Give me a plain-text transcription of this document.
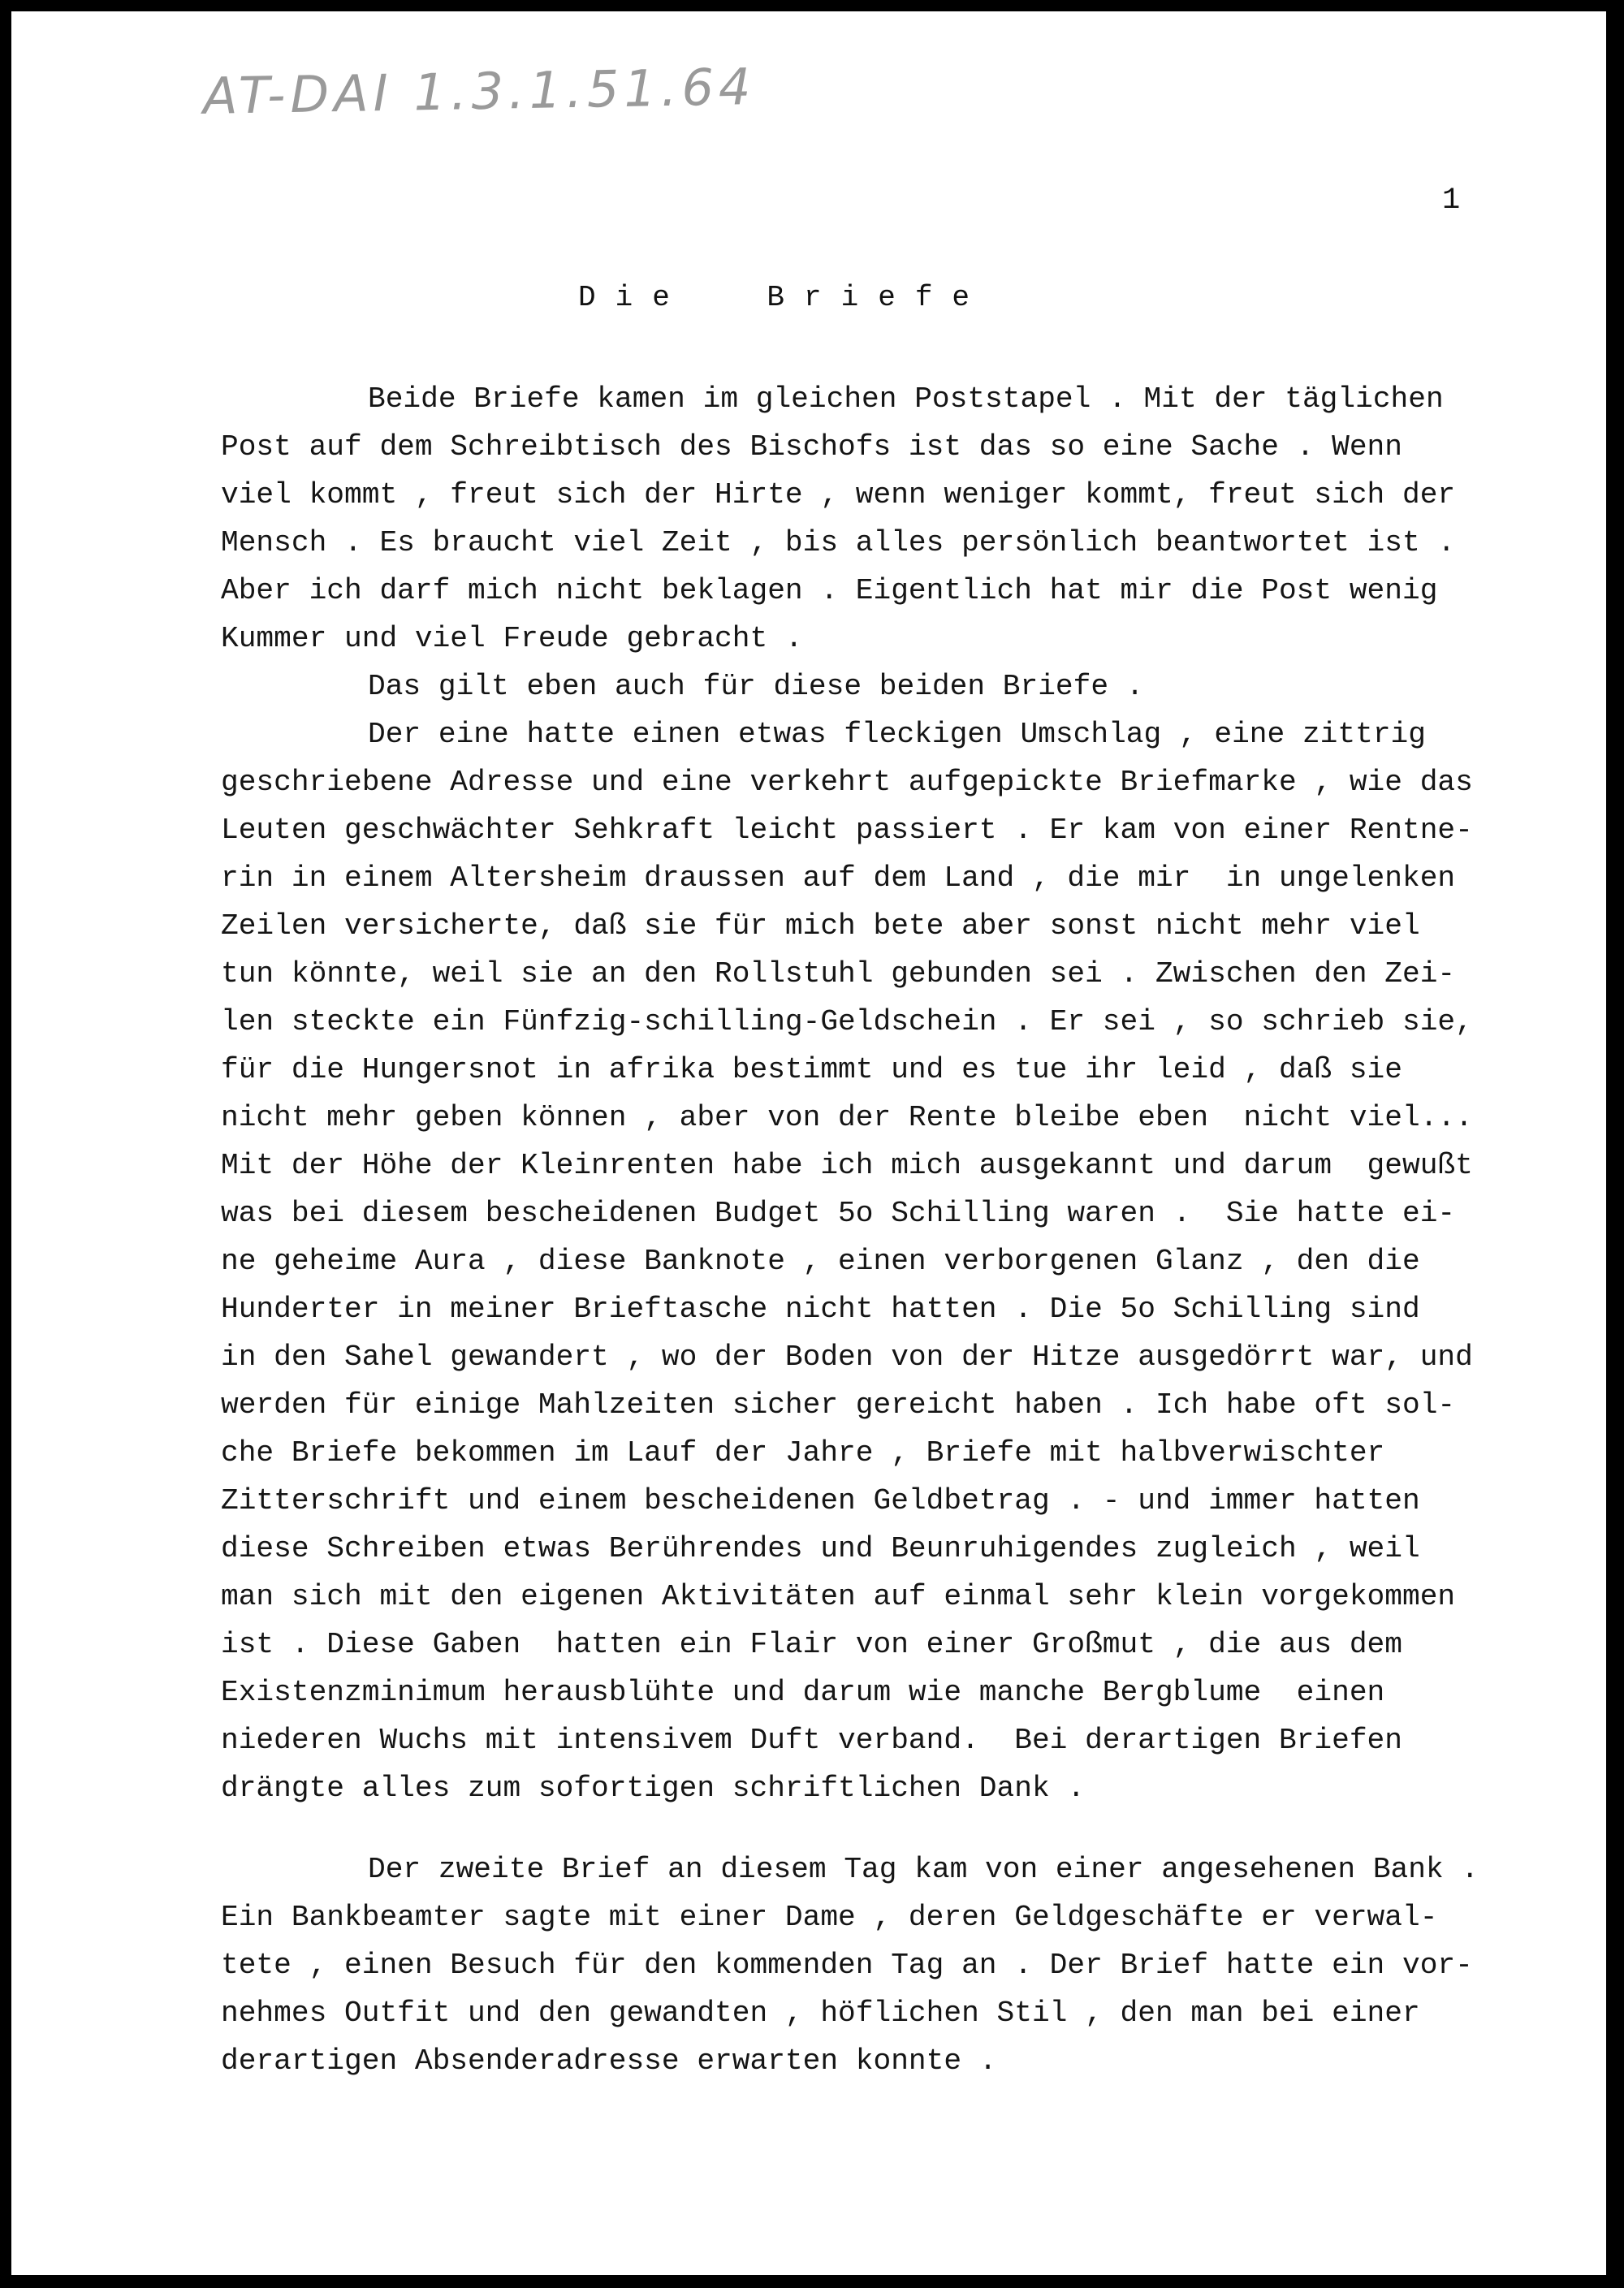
AT-DAI 1.3.1.51.64
1
Die Briefe
Beide Briefe kamen im gleichen Poststapel . Mit der täglichen
Post auf dem Schreibtisch des Bischofs ist das so eine Sache . Wenn
viel kommt , freut sich der Hirte , wenn weniger kommt, freut sich der
Mensch . Es braucht viel Zeit , bis alles persönlich beantwortet ist .
Aber ich darf mich nicht beklagen . Eigentlich hat mir die Post wenig
Kummer und viel Freude gebracht .
Das gilt eben auch für diese beiden Briefe .
Der eine hatte einen etwas fleckigen Umschlag , eine zittrig
geschriebene Adresse und eine verkehrt aufgepickte Briefmarke , wie das
Leuten geschwächter Sehkraft leicht passiert . Er kam von einer Rentne-
rin in einem Altersheim draussen auf dem Land , die mir  in ungelenken
Zeilen versicherte, daß sie für mich bete aber sonst nicht mehr viel
tun könnte, weil sie an den Rollstuhl gebunden sei . Zwischen den Zei-
len steckte ein Fünfzig-schilling-Geldschein . Er sei , so schrieb sie,
für die Hungersnot in afrika bestimmt und es tue ihr leid , daß sie
nicht mehr geben können , aber von der Rente bleibe eben  nicht viel...
Mit der Höhe der Kleinrenten habe ich mich ausgekannt und darum  gewußt
was bei diesem bescheidenen Budget 5o Schilling waren .  Sie hatte ei-
ne geheime Aura , diese Banknote , einen verborgenen Glanz , den die
Hunderter in meiner Brieftasche nicht hatten . Die 5o Schilling sind
in den Sahel gewandert , wo der Boden von der Hitze ausgedörrt war, und
werden für einige Mahlzeiten sicher gereicht haben . Ich habe oft sol-
che Briefe bekommen im Lauf der Jahre , Briefe mit halbverwischter
Zitterschrift und einem bescheidenen Geldbetrag . - und immer hatten
diese Schreiben etwas Berührendes und Beunruhigendes zugleich , weil
man sich mit den eigenen Aktivitäten auf einmal sehr klein vorgekommen
ist . Diese Gaben  hatten ein Flair von einer Großmut , die aus dem
Existenzminimum herausblühte und darum wie manche Bergblume  einen
niederen Wuchs mit intensivem Duft verband.  Bei derartigen Briefen
drängte alles zum sofortigen schriftlichen Dank .
Der zweite Brief an diesem Tag kam von einer angesehenen Bank .
Ein Bankbeamter sagte mit einer Dame , deren Geldgeschäfte er verwal-
tete , einen Besuch für den kommenden Tag an . Der Brief hatte ein vor-
nehmes Outfit und den gewandten , höflichen Stil , den man bei einer
derartigen Absenderadresse erwarten konnte .
